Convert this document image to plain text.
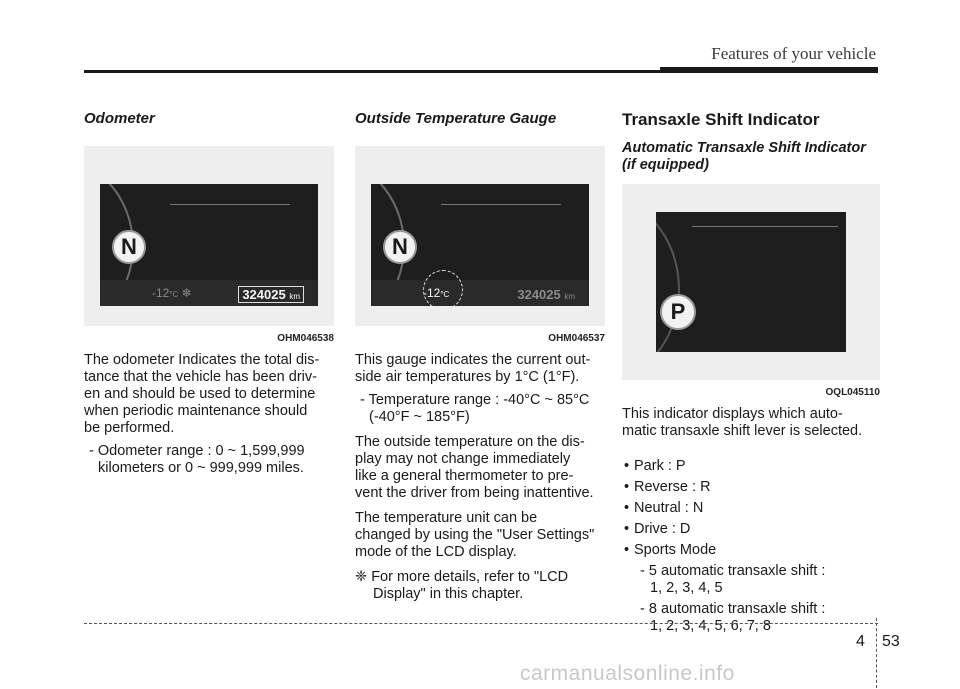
Features of your vehicle
Odometer
N
-12°C ❄	324025 km
OHM046538

The odometer Indicates the total dis-
tance that the vehicle has been driv-
en and should be used to determine
when periodic maintenance should
be performed.

- Odometer range : 0 ~ 1,599,999
kilometers or 0 ~ 999,999 miles.
Outside Temperature Gauge
N
-12°C	324025 km
OHM046537

This gauge indicates the current out-
side air temperatures by 1°C (1°F).

- Temperature range : -40°C ~ 85°C
(-40°F ~ 185°F)

The outside temperature on the dis-
play may not change immediately
like a general thermometer to pre-
vent the driver from being inattentive.

The temperature unit can be
changed by using the "User Settings"
mode of the LCD display.

❈ For more details, refer to "LCD
Display" in this chapter.
Transaxle Shift Indicator
Automatic Transaxle Shift Indicator
(if equipped)
P
OQL045110

This indicator displays which auto-
matic transaxle shift lever is selected.

• Park : P
• Reverse : R
• Neutral : N
• Drive : D
• Sports Mode
- 5 automatic transaxle shift :
1, 2, 3, 4, 5
- 8 automatic transaxle shift :
1, 2, 3, 4, 5, 6, 7, 8
4 53
carmanualsonline.info
